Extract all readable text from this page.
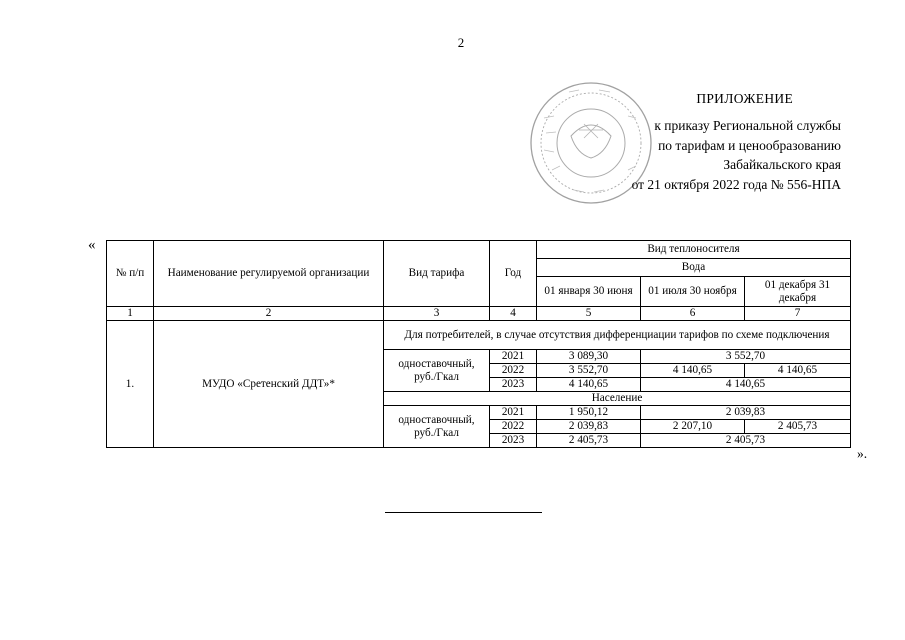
2
ПРИЛОЖЕНИЕ
к приказу Региональной службы
по тарифам и ценообразованию
Забайкальского края
от 21 октября 2022 года № 556-НПА
«
№ п/п	Наименование регулируемой организации	Вид тарифа	Год	Вид теплоносителя		
				Вода		
				01 января 30 июня	01 июля 30 ноября	01 декабря 31 декабря
1	2	3	4	5	6	7
1.	МУДО «Сретенский ДДТ»*	Для потребителей, в случае отсутствия дифференциации тарифов по схеме подключения				
		одноставочный, руб./Гкал	2021	3 089,30	3 552,70	
			2022	3 552,70	4 140,65	4 140,65
			2023	4 140,65	4 140,65	
		Население				
		одноставочный, руб./Гкал	2021	1 950,12	2 039,83	
			2022	2 039,83	2 207,10	2 405,73
			2023	2 405,73	2 405,73	
».
